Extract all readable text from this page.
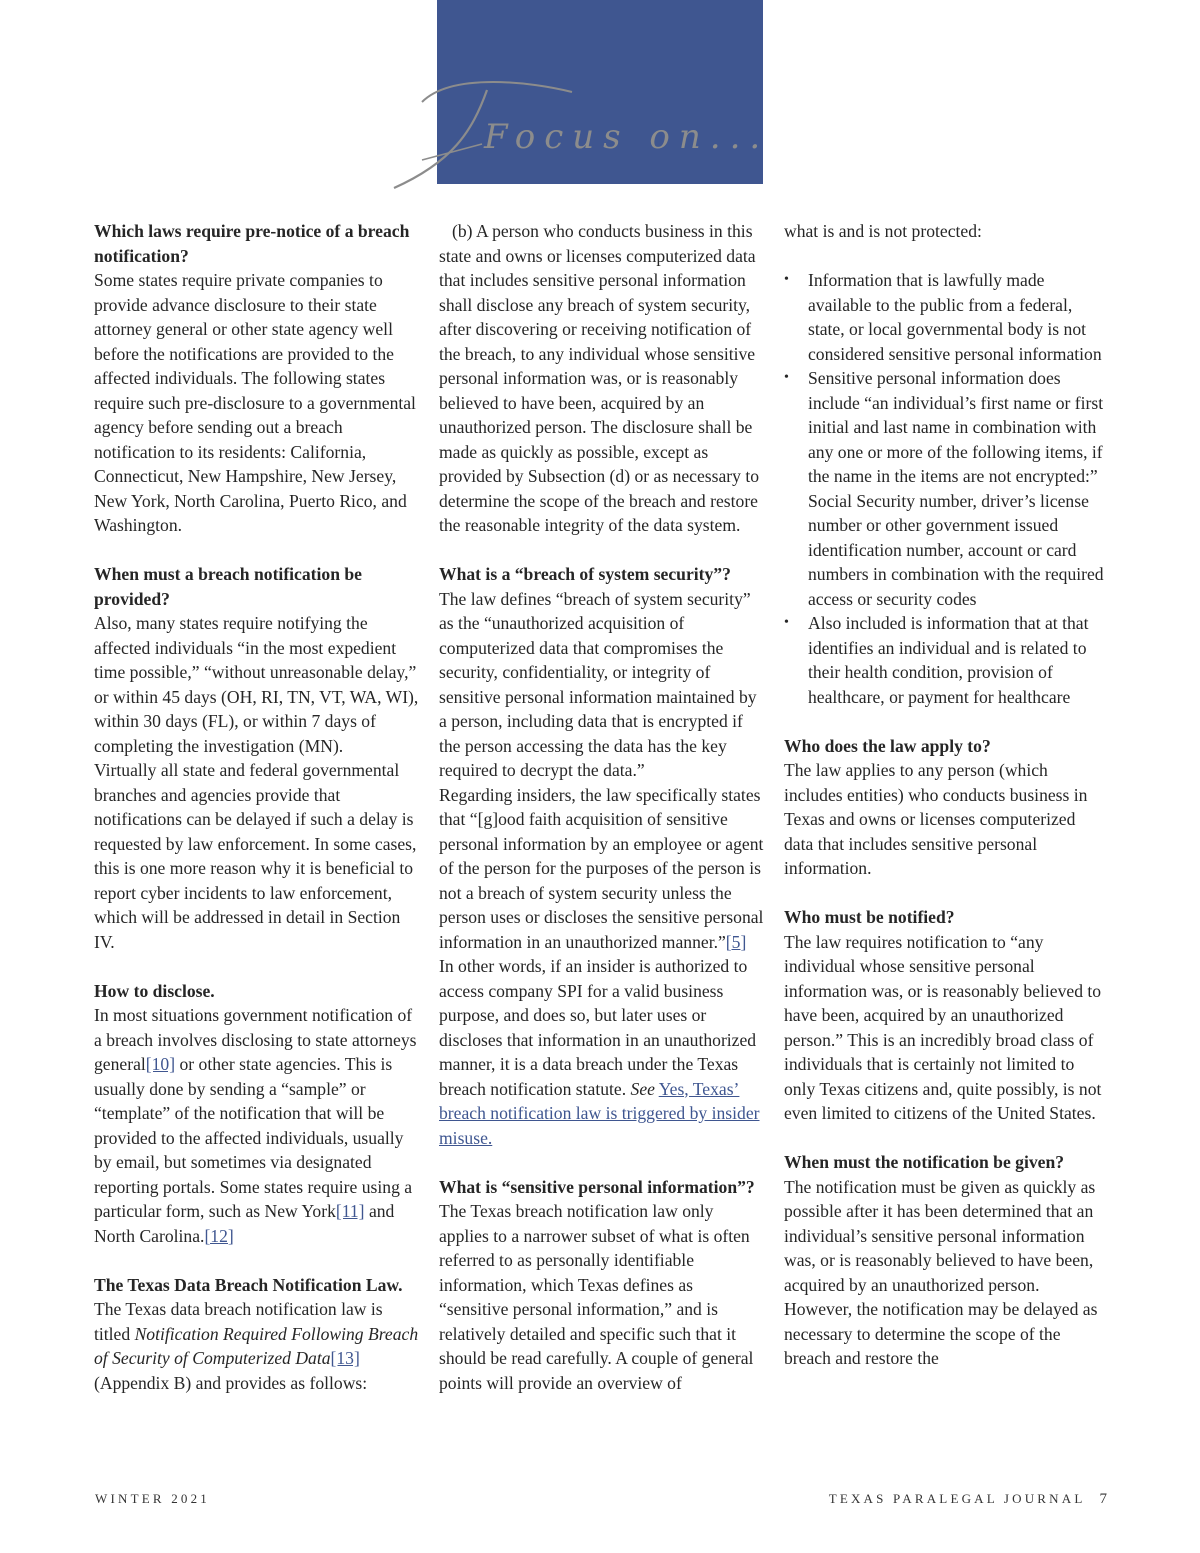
Focus on...
Which laws require pre-notice of a breach notification?

Some states require private companies to provide advance disclosure to their state attorney general or other state agency well before the notifications are provided to the affected individuals. The following states require such pre-disclosure to a governmental agency before sending out a breach notification to its residents: California, Connecticut, New Hampshire, New Jersey, New York, North Carolina, Puerto Rico, and Washington.

When must a breach notification be provided?

Also, many states require notifying the affected individuals “in the most expedient time possible,” “without unreasonable delay,” or within 45 days (OH, RI, TN, VT, WA, WI), within 30 days (FL), or within 7 days of completing the investigation (MN).

Virtually all state and federal governmental branches and agencies provide that notifications can be delayed if such a delay is requested by law enforcement. In some cases, this is one more reason why it is beneficial to report cyber incidents to law enforcement, which will be addressed in detail in Section IV.

How to disclose.

In most situations government notification of a breach involves disclosing to state attorneys general[10] or other state agencies. This is usually done by sending a “sample” or “template” of the notification that will be provided to the affected individuals, usually by email, but sometimes via designated reporting portals. Some states require using a particular form, such as New York[11] and North Carolina.[12]

The Texas Data Breach Notification Law.

The Texas data breach notification law is titled Notification Required Following Breach of Security of Computerized Data[13] (Appendix B) and provides as follows:

(b) A person who conducts business in this state and owns or licenses computerized data that includes sensitive personal information shall disclose any breach of system security, after discovering or receiving notification of the breach, to any individual whose sensitive personal information was, or is reasonably believed to have been, acquired by an unauthorized person. The disclosure shall be made as quickly as possible, except as provided by Subsection (d) or as necessary to determine the scope of the breach and restore the reasonable integrity of the data system.

What is a “breach of system security”?

The law defines “breach of system security” as the “unauthorized acquisition of computerized data that compromises the security, confidentiality, or integrity of sensitive personal information maintained by a person, including data that is encrypted if the person accessing the data has the key required to decrypt the data.”

Regarding insiders, the law specifically states that “[g]ood faith acquisition of sensitive personal information by an employee or agent of the person for the purposes of the person is not a breach of system security unless the person uses or discloses the sensitive personal information in an unauthorized manner.”[5] In other words, if an insider is authorized to access company SPI for a valid business purpose, and does so, but later uses or discloses that information in an unauthorized manner, it is a data breach under the Texas breach notification statute. See Yes, Texas’ breach notification law is triggered by insider misuse.

What is “sensitive personal information”?

The Texas breach notification law only applies to a narrower subset of what is often referred to as personally identifiable information, which Texas defines as “sensitive personal information,” and is relatively detailed and specific such that it should be read carefully. A couple of general points will provide an overview of

what is and is not protected:

• Information that is lawfully made available to the public from a federal, state, or local governmental body is not considered sensitive personal information
• Sensitive personal information does include “an individual’s first name or first initial and last name in combination with any one or more of the following items, if the name in the items are not encrypted:” Social Security number, driver’s license number or other government issued identification number, account or card numbers in combination with the required access or security codes
• Also included is information that at that identifies an individual and is related to their health condition, provision of healthcare, or payment for healthcare
Who does the law apply to?

The law applies to any person (which includes entities) who conducts business in Texas and owns or licenses computerized data that includes sensitive personal information.

Who must be notified?

The law requires notification to “any individual whose sensitive personal information was, or is reasonably believed to have been, acquired by an unauthorized person.” This is an incredibly broad class of individuals that is certainly not limited to only Texas citizens and, quite possibly, is not even limited to citizens of the United States.

When must the notification be given?

The notification must be given as quickly as possible after it has been determined that an individual’s sensitive personal information was, or is reasonably believed to have been, acquired by an unauthorized person. However, the notification may be delayed as necessary to determine the scope of the breach and restore the

WINTER 2021	TEXAS PARALEGAL JOURNAL 7
